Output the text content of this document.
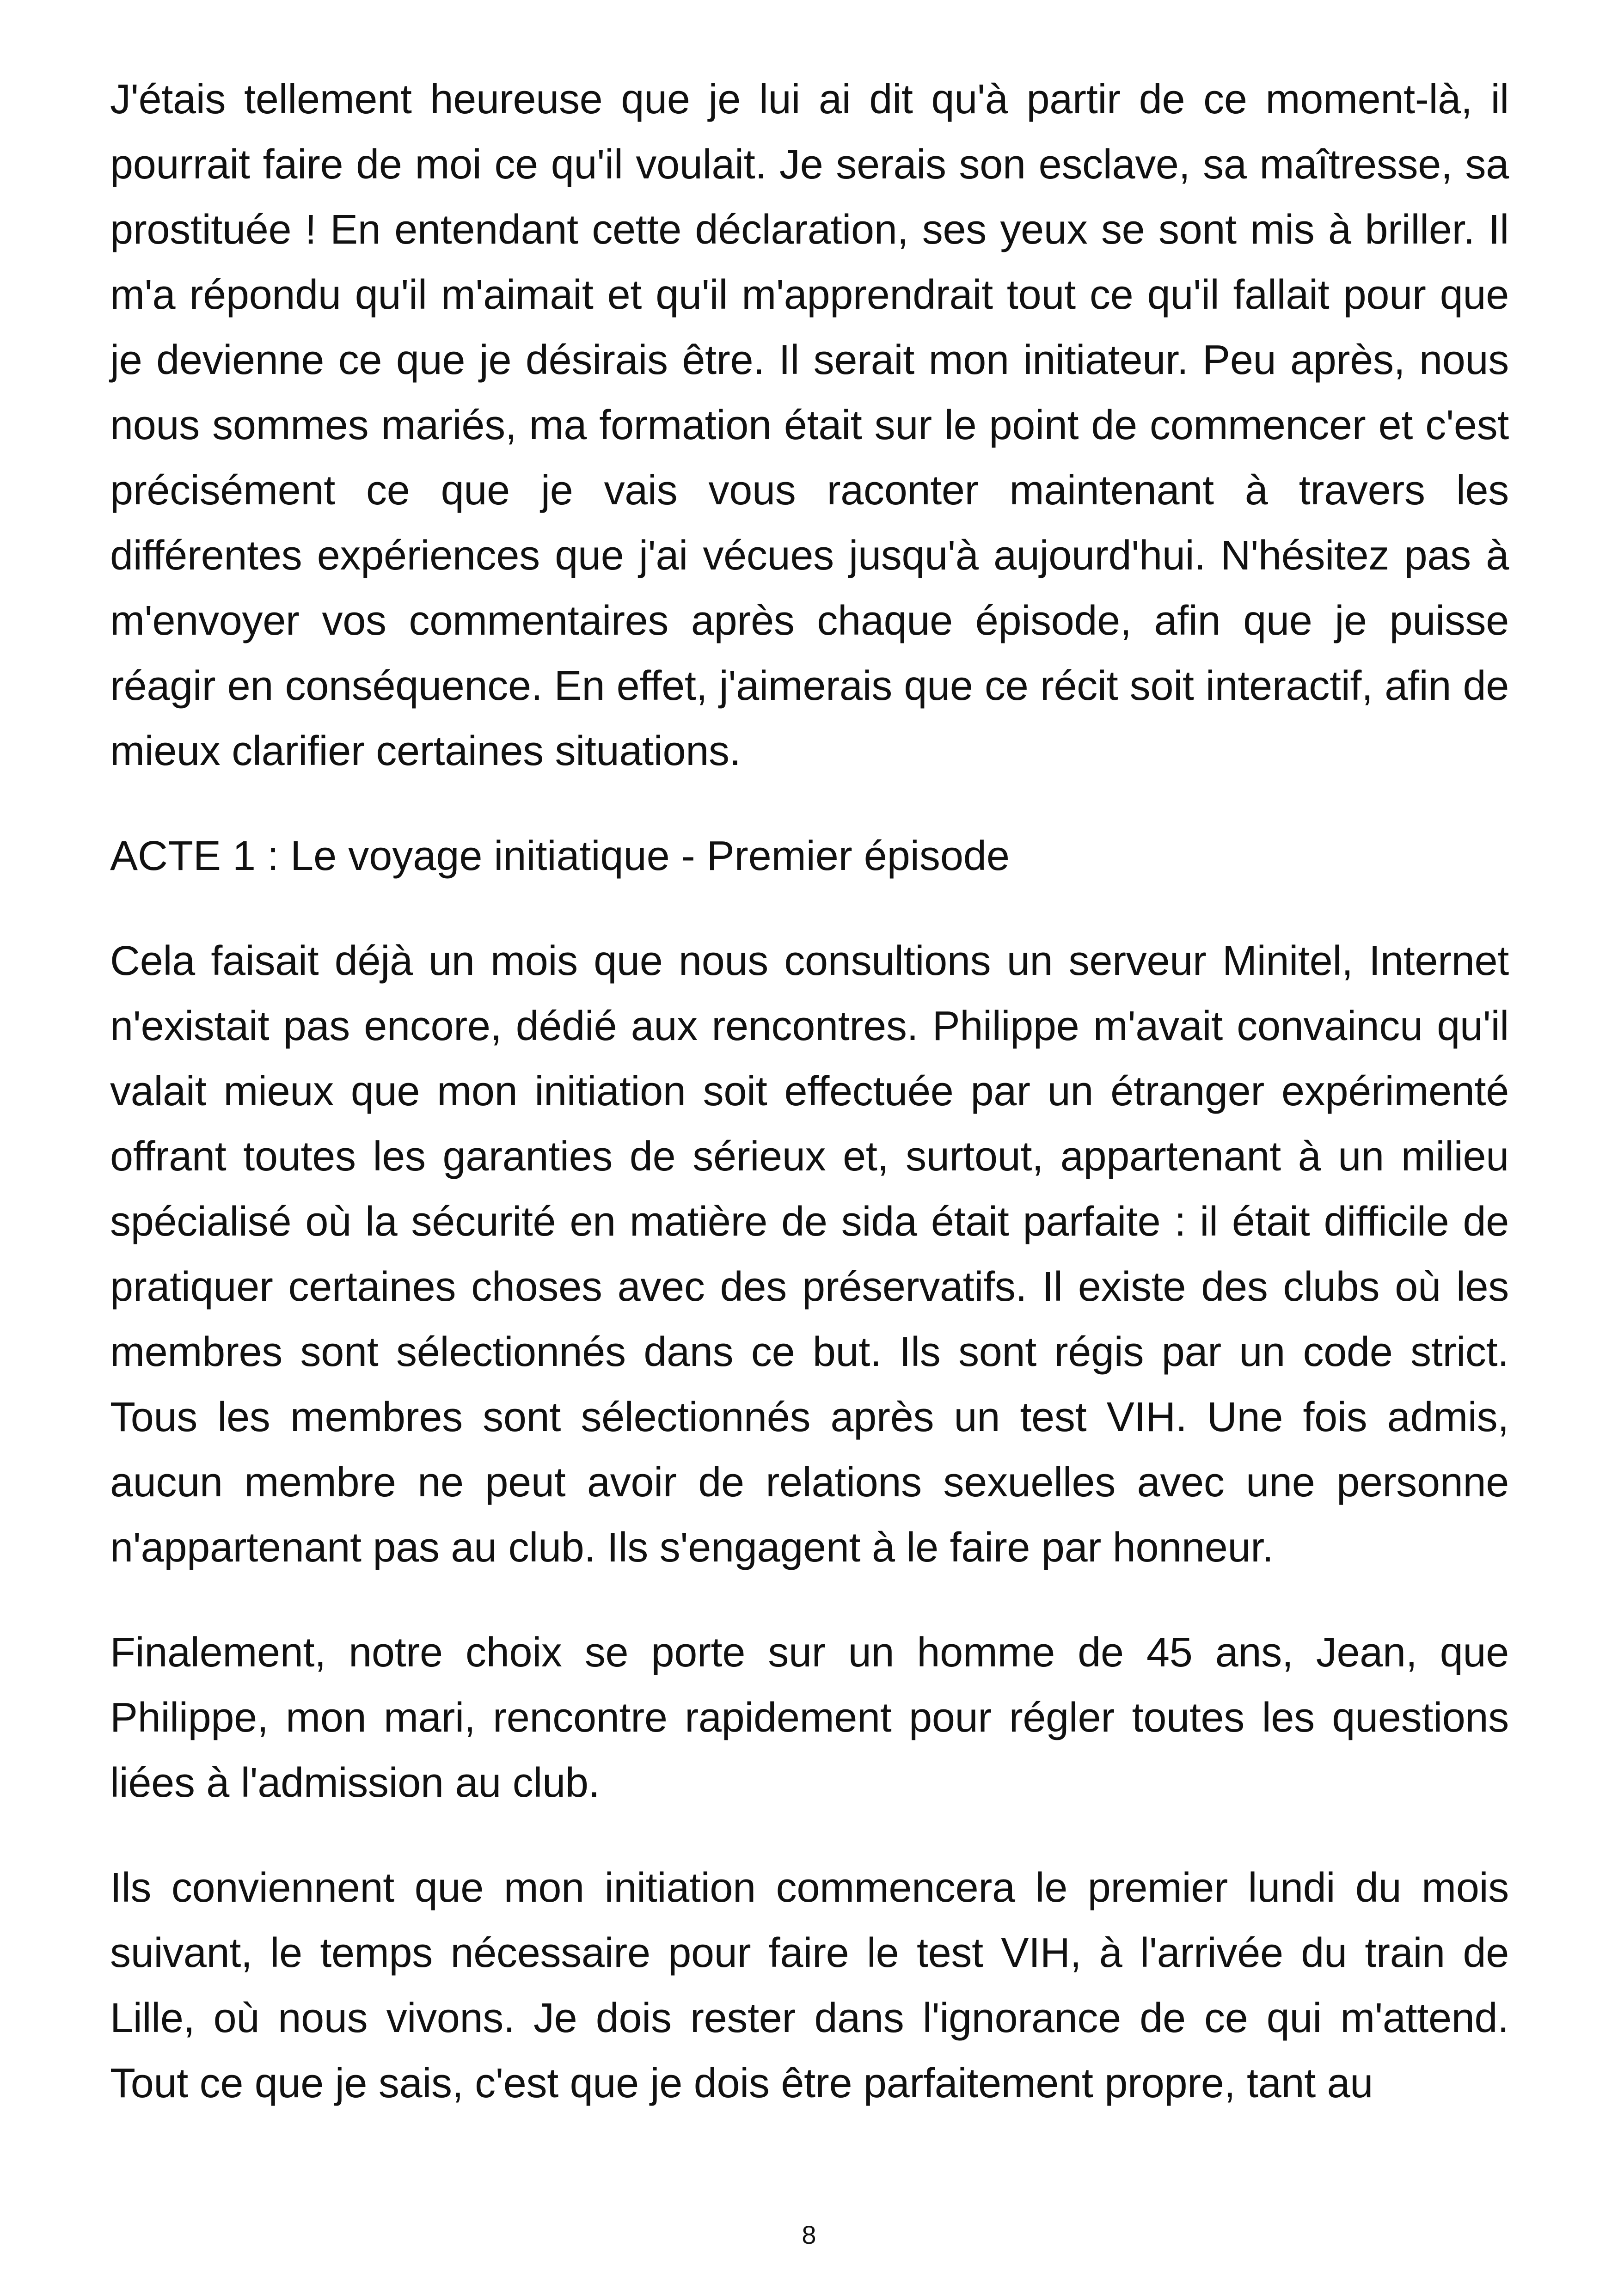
J'étais tellement heureuse que je lui ai dit qu'à partir de ce moment-là, il pourrait faire de moi ce qu'il voulait. Je serais son esclave, sa maîtresse, sa prostituée ! En entendant cette déclaration, ses yeux se sont mis à briller. Il m'a répondu qu'il m'aimait et qu'il m'apprendrait tout ce qu'il fallait pour que je devienne ce que je désirais être. Il serait mon initiateur. Peu après, nous nous sommes mariés, ma formation était sur le point de commencer et c'est précisément ce que je vais vous raconter maintenant à travers les différentes expériences que j'ai vécues jusqu'à aujourd'hui. N'hésitez pas à m'envoyer vos commentaires après chaque épisode, afin que je puisse réagir en conséquence. En effet, j'aimerais que ce récit soit interactif, afin de mieux clarifier certaines situations.

ACTE 1 : Le voyage initiatique - Premier épisode

Cela faisait déjà un mois que nous consultions un serveur Minitel, Internet n'existait pas encore, dédié aux rencontres. Philippe m'avait convaincu qu'il valait mieux que mon initiation soit effectuée par un étranger expérimenté offrant toutes les garanties de sérieux et, surtout, appartenant à un milieu spécialisé où la sécurité en matière de sida était parfaite : il était difficile de pratiquer certaines choses avec des préservatifs. Il existe des clubs où les membres sont sélectionnés dans ce but. Ils sont régis par un code strict. Tous les membres sont sélectionnés après un test VIH. Une fois admis, aucun membre ne peut avoir de relations sexuelles avec une personne n'appartenant pas au club. Ils s'engagent à le faire par honneur.

Finalement, notre choix se porte sur un homme de 45 ans, Jean, que Philippe, mon mari, rencontre rapidement pour régler toutes les questions liées à l'admission au club.

Ils conviennent que mon initiation commencera le premier lundi du mois suivant, le temps nécessaire pour faire le test VIH, à l'arrivée du train de Lille, où nous vivons. Je dois rester dans l'ignorance de ce qui m'attend. Tout ce que je sais, c'est que je dois être parfaitement propre, tant au

8
